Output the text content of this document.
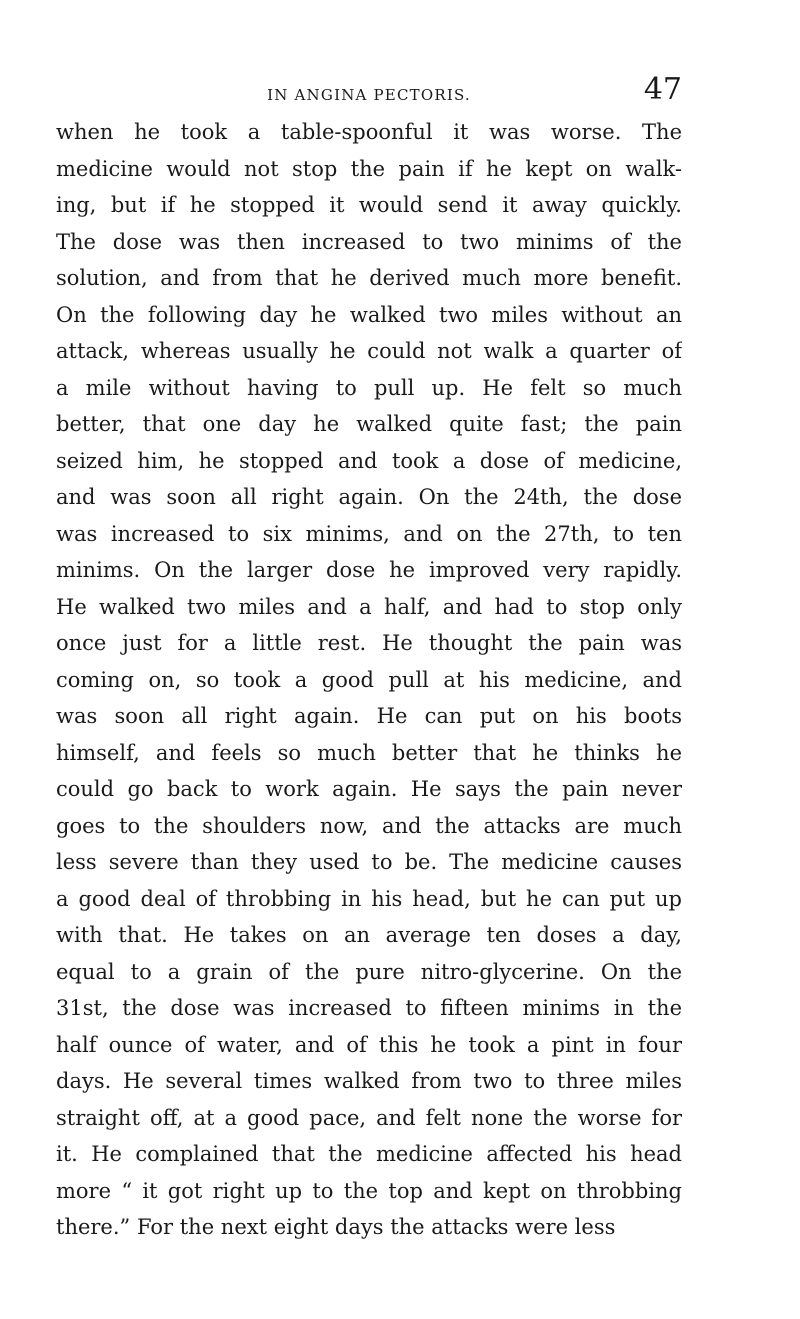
IN ANGINA PECTORIS.	47
when he took a table-spoonful it was worse. The
medicine would not stop the pain if he kept on walk-
ing, but if he stopped it would send it away quickly.
The dose was then increased to two minims of the
solution, and from that he derived much more benefit.
On the following day he walked two miles without an
attack, whereas usually he could not walk a quarter of
a mile without having to pull up. He felt so much
better, that one day he walked quite fast; the pain
seized him, he stopped and took a dose of medicine,
and was soon all right again. On the 24th, the dose
was increased to six minims, and on the 27th, to ten
minims. On the larger dose he improved very rapidly.
He walked two miles and a half, and had to stop only
once just for a little rest. He thought the pain was
coming on, so took a good pull at his medicine, and
was soon all right again. He can put on his boots
himself, and feels so much better that he thinks he
could go back to work again. He says the pain never
goes to the shoulders now, and the attacks are much
less severe than they used to be. The medicine causes
a good deal of throbbing in his head, but he can put up
with that. He takes on an average ten doses a day,
equal to a grain of the pure nitro-glycerine. On the
31st, the dose was increased to fifteen minims in the
half ounce of water, and of this he took a pint in four
days. He several times walked from two to three miles
straight off, at a good pace, and felt none the worse for
it. He complained that the medicine affected his head
more “ it got right up to the top and kept on throbbing
there.” For the next eight days the attacks were less
